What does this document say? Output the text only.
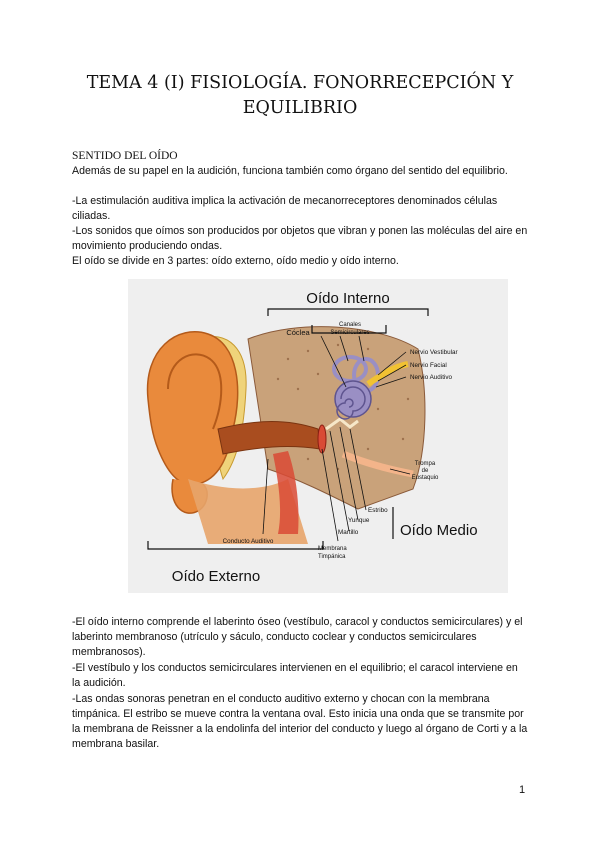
TEMA 4 (I) FISIOLOGÍA. FONORRECEPCIÓN Y
EQUILIBRIO
SENTIDO DEL OÍDO

Además de su papel en la audición, funciona también como órgano del sentido del equilibrio.

-La estimulación auditiva implica la activación de mecanorreceptores denominados células ciliadas.

-Los sonidos que oímos son producidos por objetos que vibran y ponen las moléculas del aire en movimiento produciendo ondas.

El oído se divide en 3 partes: oído externo, oído medio y oído interno.

Oído Interno
Cóclea
Canales
Semicirculares
Nervio Vestibular
Nervio Facial
Nervio Auditivo
Trompa
de
Eustaquio
Estribo
Yunque
Martillo	Oído Medio
Membrana
Timpánica
Conducto Auditivo
Oído Externo

-El oído interno comprende el laberinto óseo (vestíbulo, caracol y conductos semicirculares) y el laberinto membranoso (utrículo y sáculo, conducto coclear y conductos semicirculares membranosos).

-El vestíbulo y los conductos semicirculares intervienen en el equilibrio; el caracol interviene en la audición.

-Las ondas sonoras penetran en el conducto auditivo externo y chocan con la membrana timpánica. El estribo se mueve contra la ventana oval. Esto inicia una onda que se transmite por la membrana de Reissner a la endolinfa del interior del conducto y luego al órgano de Corti y a la membrana basilar.

1
